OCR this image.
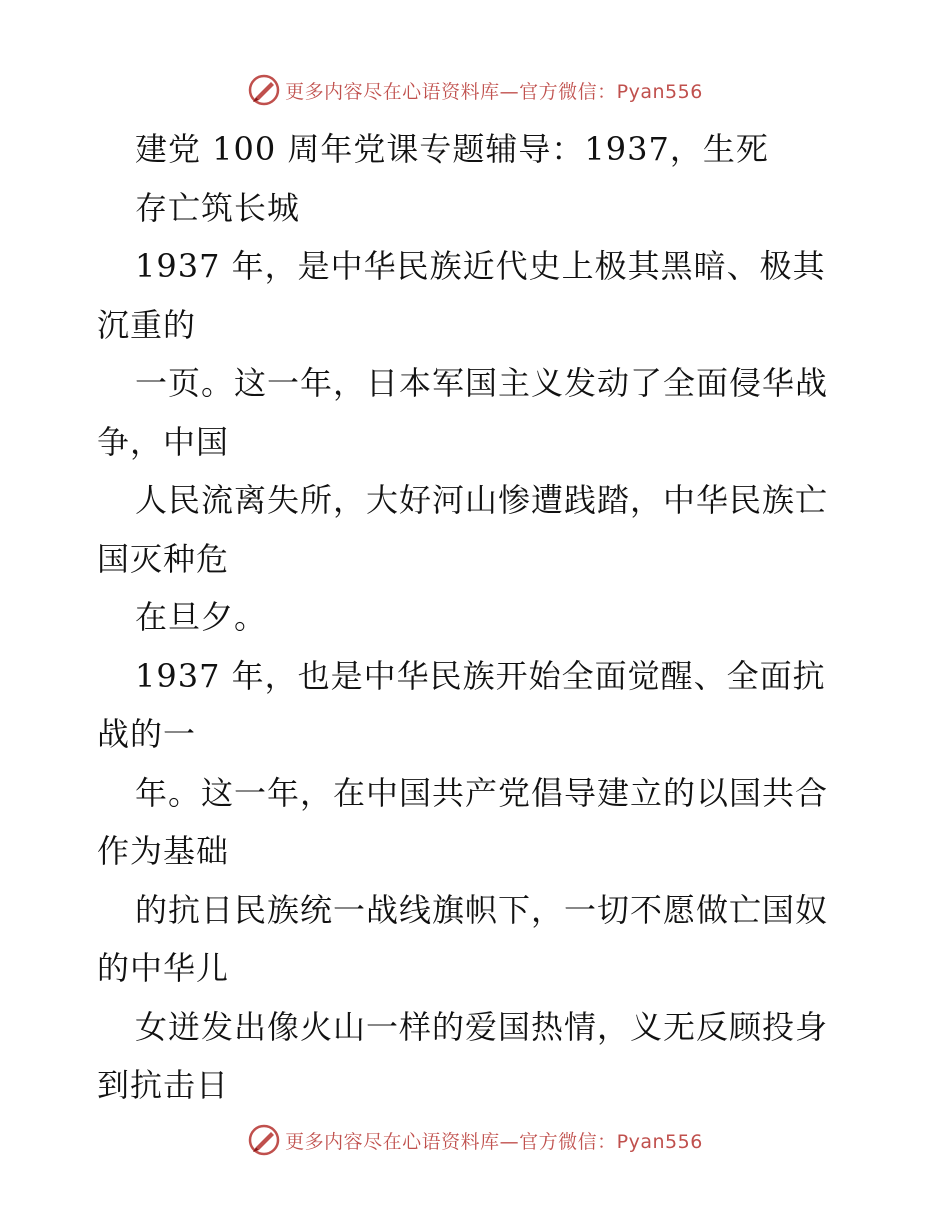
更多内容尽在心语资料库—官方微信：Pyan556
建党 100 周年党课专题辅导：1937，生死
存亡筑长城
1937 年，是中华民族近代史上极其黑暗、极其
沉重的
一页。这一年，日本军国主义发动了全面侵华战
争，中国
人民流离失所，大好河山惨遭践踏，中华民族亡
国灭种危
在旦夕。
1937 年，也是中华民族开始全面觉醒、全面抗
战的一
年。这一年，在中国共产党倡导建立的以国共合
作为基础
的抗日民族统一战线旗帜下，一切不愿做亡国奴
的中华儿
女迸发出像火山一样的爱国热情，义无反顾投身
到抗击日
更多内容尽在心语资料库—官方微信：Pyan556
